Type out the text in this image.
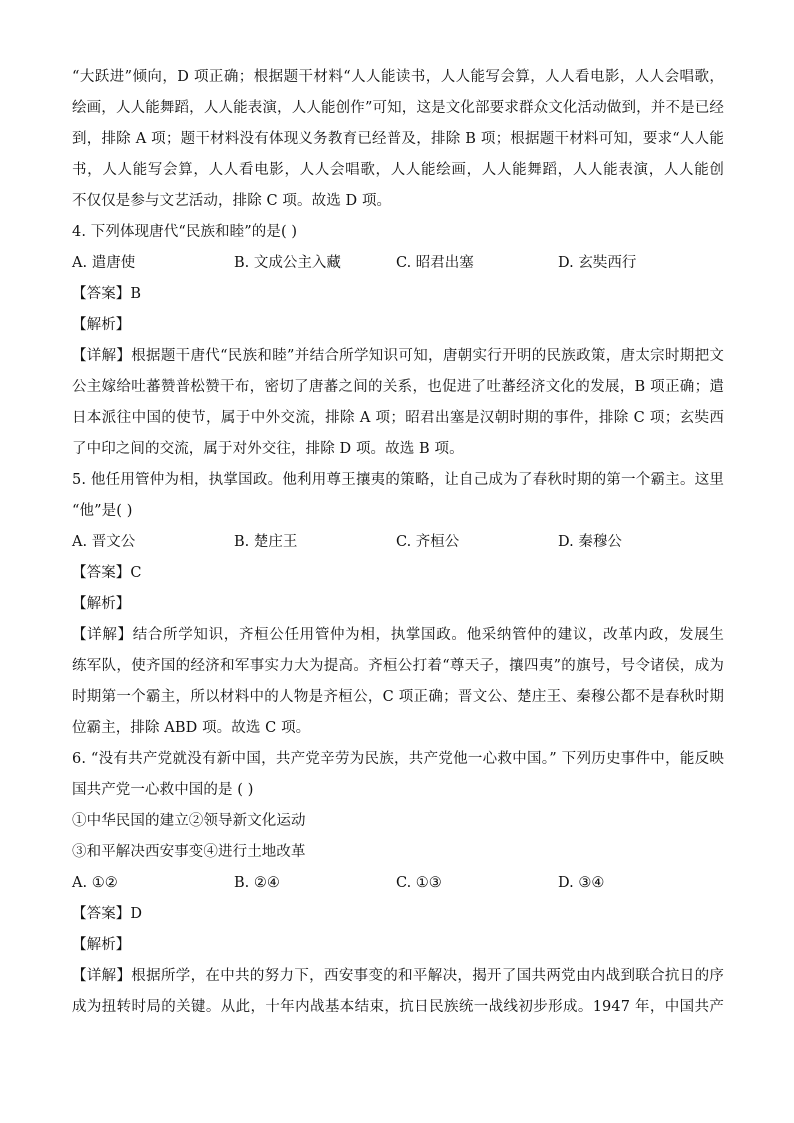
“大跃进”倾向，D 项正确；根据题干材料“人人能读书，人人能写会算，人人看电影，人人会唱歌，
绘画，人人能舞蹈，人人能表演，人人能创作”可知，这是文化部要求群众文化活动做到，并不是已经
到，排除 A 项；题干材料没有体现义务教育已经普及，排除 B 项；根据题干材料可知，要求“人人能
书，人人能写会算，人人看电影，人人会唱歌，人人能绘画，人人能舞蹈，人人能表演，人人能创
不仅仅是参与文艺活动，排除 C 项。故选 D 项。
4. 下列体现唐代“民族和睦”的是( )
A. 遣唐使	B. 文成公主入藏	C. 昭君出塞	D. 玄奘西行
【答案】B
【解析】
【详解】根据题干唐代“民族和睦”并结合所学知识可知，唐朝实行开明的民族政策，唐太宗时期把文
公主嫁给吐蕃赞普松赞干布，密切了唐蕃之间的关系，也促进了吐蕃经济文化的发展，B 项正确；遣
日本派往中国的使节，属于中外交流，排除 A 项；昭君出塞是汉朝时期的事件，排除 C 项；玄奘西
了中印之间的交流，属于对外交往，排除 D 项。故选 B 项。
5. 他任用管仲为相，执掌国政。他利用尊王攘夷的策略，让自己成为了春秋时期的第一个霸主。这里
“他”是( )
A. 晋文公	B. 楚庄王	C. 齐桓公	D. 秦穆公
【答案】C
【解析】
【详解】结合所学知识，齐桓公任用管仲为相，执掌国政。他采纳管仲的建议，改革内政，发展生
练军队，使齐国的经济和军事实力大为提高。齐桓公打着“尊天子，攘四夷”的旗号，号令诸侯，成为
时期第一个霸主，所以材料中的人物是齐桓公，C 项正确；晋文公、楚庄王、秦穆公都不是春秋时期
位霸主，排除 ABD 项。故选 C 项。
6. “没有共产党就没有新中国，共产党辛劳为民族，共产党他一心救中国。” 下列历史事件中，能反映
国共产党一心救中国的是 ( )
①中华民国的建立②领导新文化运动
③和平解决西安事变④进行土地改革
A. ①②	B. ②④	C. ①③	D. ③④
【答案】D
【解析】
【详解】根据所学，在中共的努力下，西安事变的和平解决，揭开了国共两党由内战到联合抗日的序
成为扭转时局的关键。从此，十年内战基本结束，抗日民族统一战线初步形成。1947 年，中国共产
